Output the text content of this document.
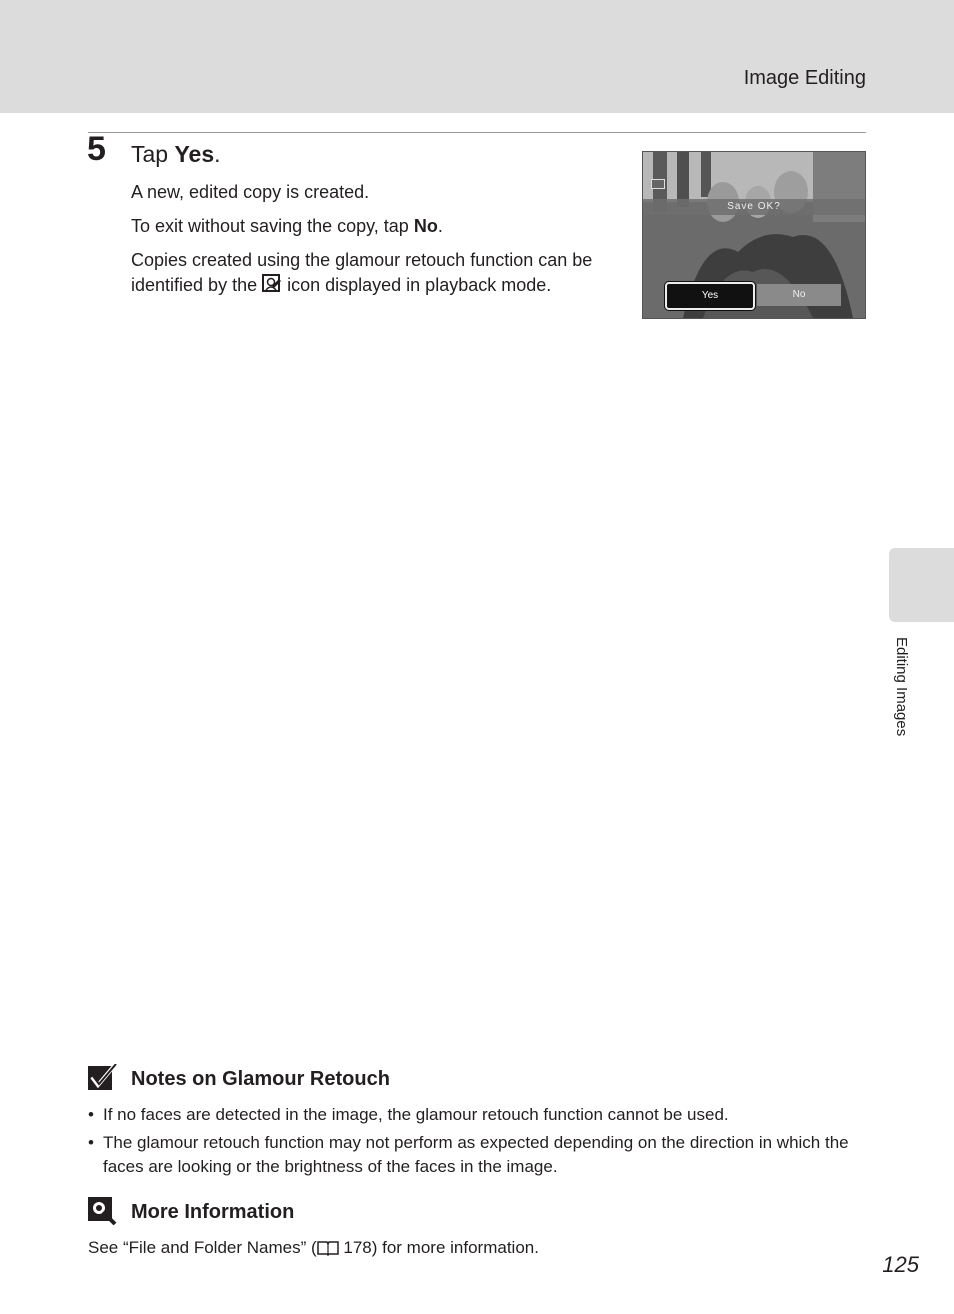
Image Editing
5 Tap Yes.
A new, edited copy is created.
To exit without saving the copy, tap No.
Copies created using the glamour retouch function can be identified by the  icon displayed in playback mode.
Save OK?
Yes	No
Editing Images
Notes on Glamour Retouch
• If no faces are detected in the image, the glamour retouch function cannot be used.
• The glamour retouch function may not perform as expected depending on the direction in which the faces are looking or the brightness of the faces in the image.
More Information
See “File and Folder Names” ( 178) for more information.
125
